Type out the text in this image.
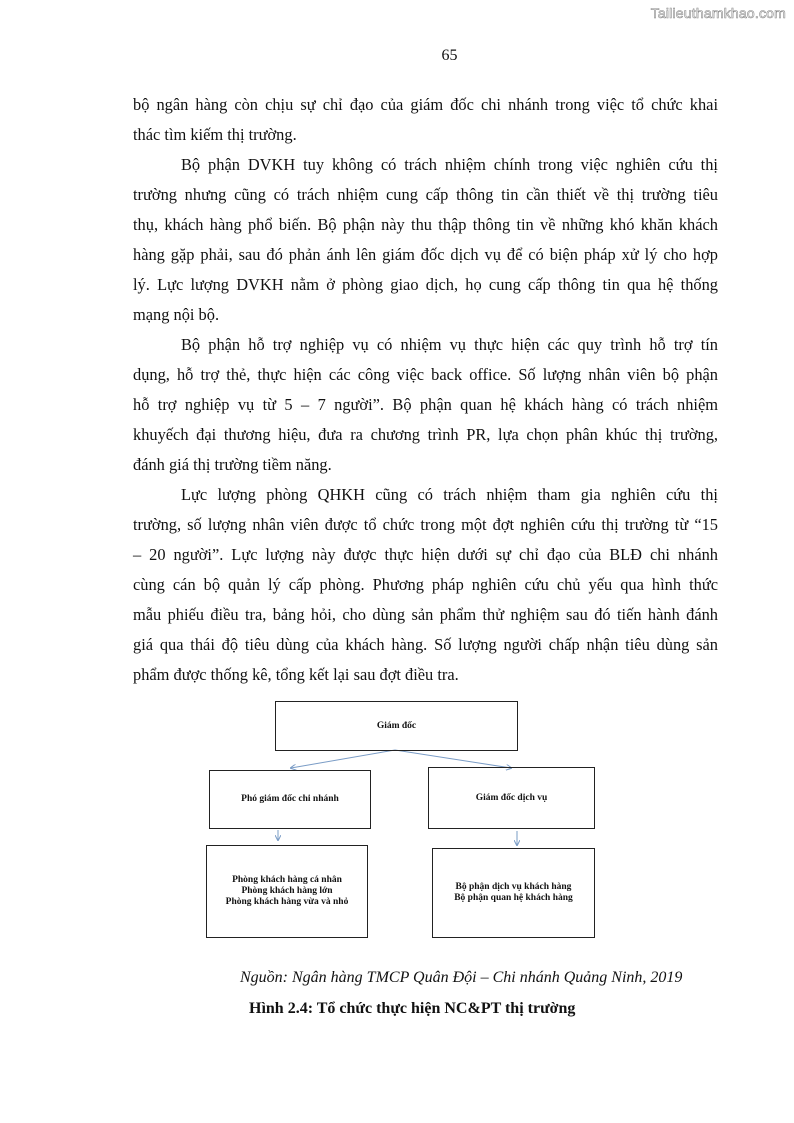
Tailieuthamkhao.com
65
bộ ngân hàng còn chịu sự chỉ đạo của giám đốc chi nhánh trong việc tổ chức khai
thác tìm kiếm thị trường.
Bộ phận DVKH tuy không có trách nhiệm chính trong việc nghiên cứu thị
trường nhưng cũng có trách nhiệm cung cấp thông tin cần thiết về thị trường tiêu
thụ, khách hàng phổ biến. Bộ phận này thu thập thông tin về những khó khăn khách
hàng gặp phải, sau đó phản ánh lên giám đốc dịch vụ để có biện pháp xử lý cho hợp
lý. Lực lượng DVKH nằm ở phòng giao dịch, họ cung cấp thông tin qua hệ thống
mạng nội bộ.
Bộ phận hỗ trợ nghiệp vụ có nhiệm vụ thực hiện các quy trình hỗ trợ tín
dụng, hỗ trợ thẻ, thực hiện các công việc back office. Số lượng nhân viên bộ phận
hỗ trợ nghiệp vụ từ 5 – 7 người”. Bộ phận quan hệ khách hàng có trách nhiệm
khuyếch đại thương hiệu, đưa ra chương trình PR, lựa chọn phân khúc thị trường,
đánh giá thị trường tiềm năng.
Lực lượng phòng QHKH cũng có trách nhiệm tham gia nghiên cứu thị
trường, số lượng nhân viên được tổ chức trong một đợt nghiên cứu thị trường từ “15
– 20 người”. Lực lượng này được thực hiện dưới sự chỉ đạo của BLĐ chi nhánh
cùng cán bộ quản lý cấp phòng. Phương pháp nghiên cứu chủ yếu qua hình thức
mẫu phiếu điều tra, bảng hỏi, cho dùng sản phẩm thử nghiệm sau đó tiến hành đánh
giá qua thái độ tiêu dùng của khách hàng. Số lượng người chấp nhận tiêu dùng sản
phẩm được thống kê, tổng kết lại sau đợt điều tra.
Giám đốc
Phó giám đốc chi nhánh	Giám đốc dịch vụ
Phòng khách hàng cá nhân
Phòng khách hàng lớn
Phòng khách hàng vừa và nhỏ
Bộ phận dịch vụ khách hàng
Bộ phận quan hệ khách hàng
Nguồn: Ngân hàng TMCP Quân Đội – Chi nhánh Quảng Ninh, 2019
Hình 2.4: Tổ chức thực hiện NC&PT thị trường
